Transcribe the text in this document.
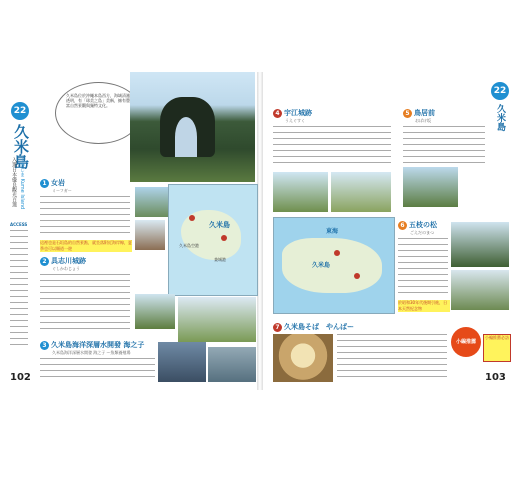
22
久米島
くめじま Kume Island
入選日本優良觀光百選
ACCESS
久米島位於沖繩本島西方，海域清澈透明，有「球美之島」美稱，擁有豐富自然景觀與獨特文化。
1 女岩
ミーフガー
這裡也是石垣島的自然景點，就坐落附近海岸線，夏季也可以順道一遊
久米島
久米島空港
兼城港
2 具志川城跡
ぐしかわじょう
3 久米島海洋深層水開發 海之子
久米島海洋深層水開發 海之子 ～魚類養殖場
102
22
久米島
4 宇江城跡
うえぐすく
5 鳥居前
おばけ坂
東海
久米島
6 五枝の松
ごえだのまつ
於昭和30年代後期引進，日本天然紀念物
7 久米島そば　やんばー
小編推薦
小編推薦必訪
103
